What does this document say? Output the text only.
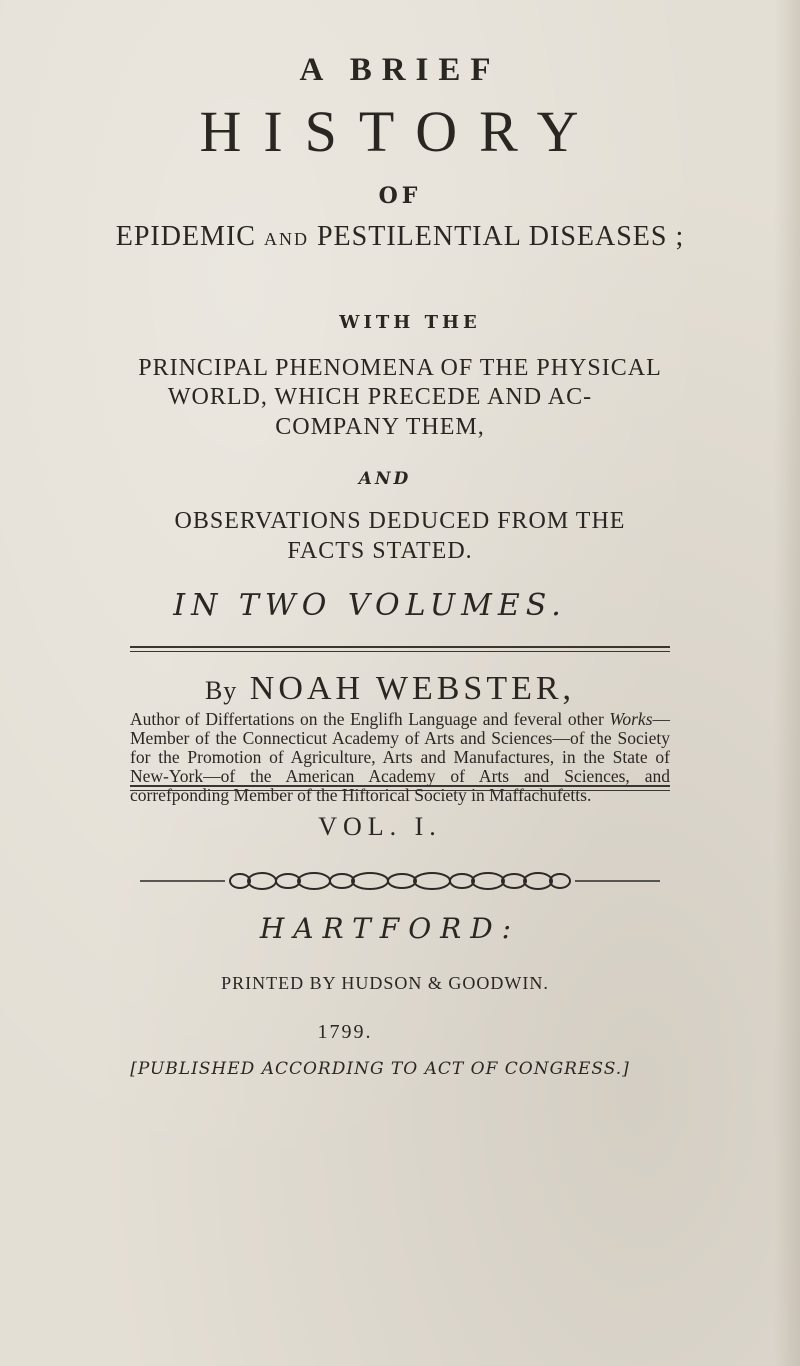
A BRIEF

HISTORY

OF

EPIDEMIC AND PESTILENTIAL DISEASES ;

WITH THE

PRINCIPAL PHENOMENA OF THE PHYSICAL

WORLD, WHICH PRECEDE AND AC-

COMPANY THEM,

AND

OBSERVATIONS DEDUCED FROM THE

FACTS STATED.

IN TWO VOLUMES.

By NOAH WEBSTER,

Author of Differtations on the Englifh Language and feveral other Works—Member of the Connecticut Academy of Arts and Sciences—of the Society for the Promotion of Agriculture, Arts and Manufactures, in the State of New-York—of the American Academy of Arts and Sciences, and correfponding Member of the Hiftorical Society in Maffachufetts.

VOL. I.

HARTFORD:

PRINTED BY HUDSON & GOODWIN.

1799.

[PUBLISHED ACCORDING TO ACT OF CONGRESS.]
